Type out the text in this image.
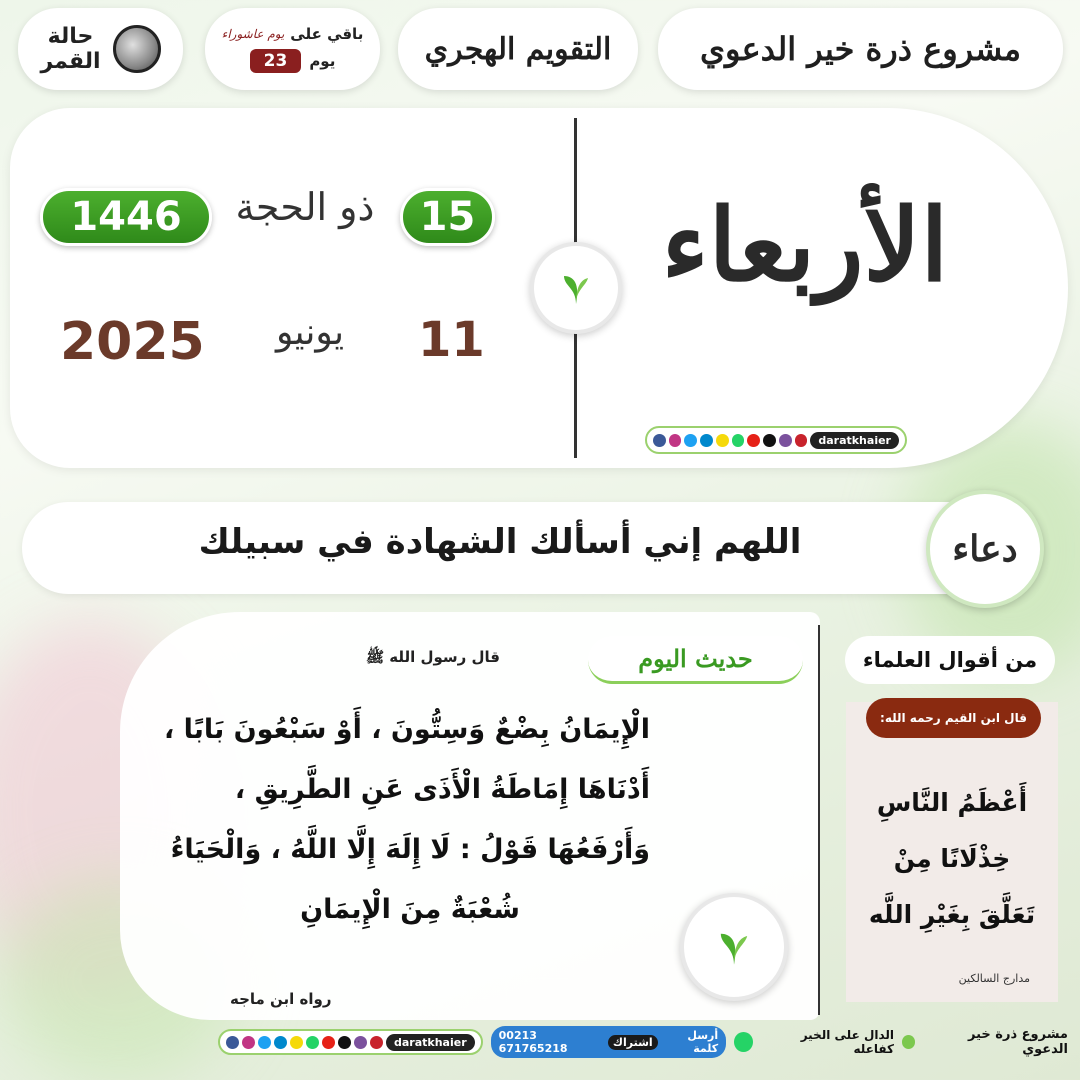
حالة
القمر
باقي على
يوم عاشوراء
يوم
23	التقويم الهجري	مشروع ذرة خير الدعوي
1446 ذو الحجة 15
2025	يونيو	11
الأربعاء
daratkhaier
اللهم إني أسألك الشهادة في سبيلك	دعاء
حديث اليوم
قال رسول الله ﷺ
الْإِيمَانُ بِضْعٌ وَسِتُّونَ ، أَوْ سَبْعُونَ بَابًا ،
أَدْنَاهَا إِمَاطَةُ الْأَذَى عَنِ الطَّرِيقِ ،
وَأَرْفَعُهَا قَوْلُ : لَا إِلَهَ إِلَّا اللَّهُ ، وَالْحَيَاءُ
شُعْبَةٌ مِنَ الْإِيمَانِ
رواه ابن ماجه
من أقوال العلماء
قال ابن القيم رحمه الله:
أَعْظَمُ النَّاسِ
خِذْلَانًا مِنْ
تَعَلَّقَ بِغَيْرِ اللَّه
مدارج السالكين
مشروع ذرة خير الدعوي
الدال على الخير كفاعله
أرسل كلمة
اشتراك
00213 671765218
daratkhaier
